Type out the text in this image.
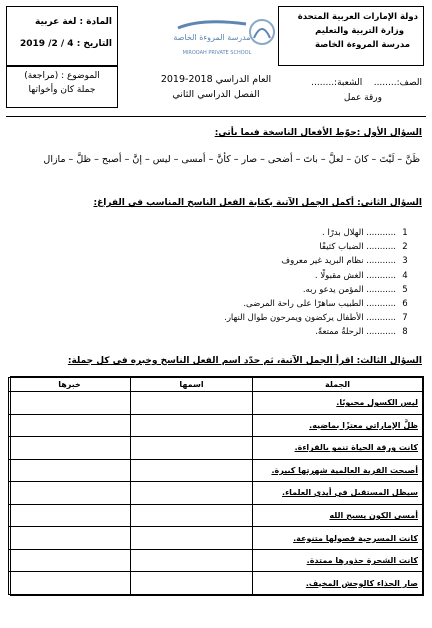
دولة الإمارات العربية المتحدة
وزارة التربية والتعليم
مدرسة المروءة الخاصة
مدرسة المروءة الخاصة
MIROOAH PRIVATE SCHOOL
المادة : لغة عربية
التاريخ : 4 / 2/ 2019
الموضوع : (مراجعة)
جملة كان وأخواتها
العام الدراسي 2018-2019
الفصل الدراسي الثاني
الصف:........    الشعبة:........
ورقة عمل
السؤال الأول :حوّط الأفعال الناسخة فيما يأتي:
ظَنَّ – لَيْتَ – كانَ – لعلَّ – باتَ – أضحى – صار – كأنَّ – أمسى – ليس – إنَّ – أصبح – ظلَّ – مازال
السؤال الثاني: أكمل الجمل الآتية بكتابة الفعل الناسخ المناسب في الفراغ:
1
........... الهلال بدرًا .
2
........... الضباب كثيفًا
3
........... نظام البريد غير معروف
4
........... الغش مقبولًا .
5
........... المؤمن يدعو ربه.
6
........... الطبيب ساهرًا على راحة المرضى.
7
........... الأطفال يركضون ويمرحون طوال النهار.
8
........... الرحلةُ ممتعةً.
السؤال الثالث: اقرأ الجمل الآتية، ثم حدّد اسم الفعل الناسخ وخبره في كل جملة:
الجملة	اسمها	خبرها
ليس الكسول محبوبًا.		
ظلَّ الإماراتي معتزًا بماضيه.		
كانت ورقة الحياة تنمو بالقراءة.		
أصبحت القرية العالمية شهرتها كبيرة.		
سيظل المستقبل في أيدي العلماء.		
أمسى الكون يسبح الله		
كانت المسرحية فصولها متنوعة.		
كانت الشجرة جذورها ممتدة.		
صار الحذاء كالوحش المخيف.		
